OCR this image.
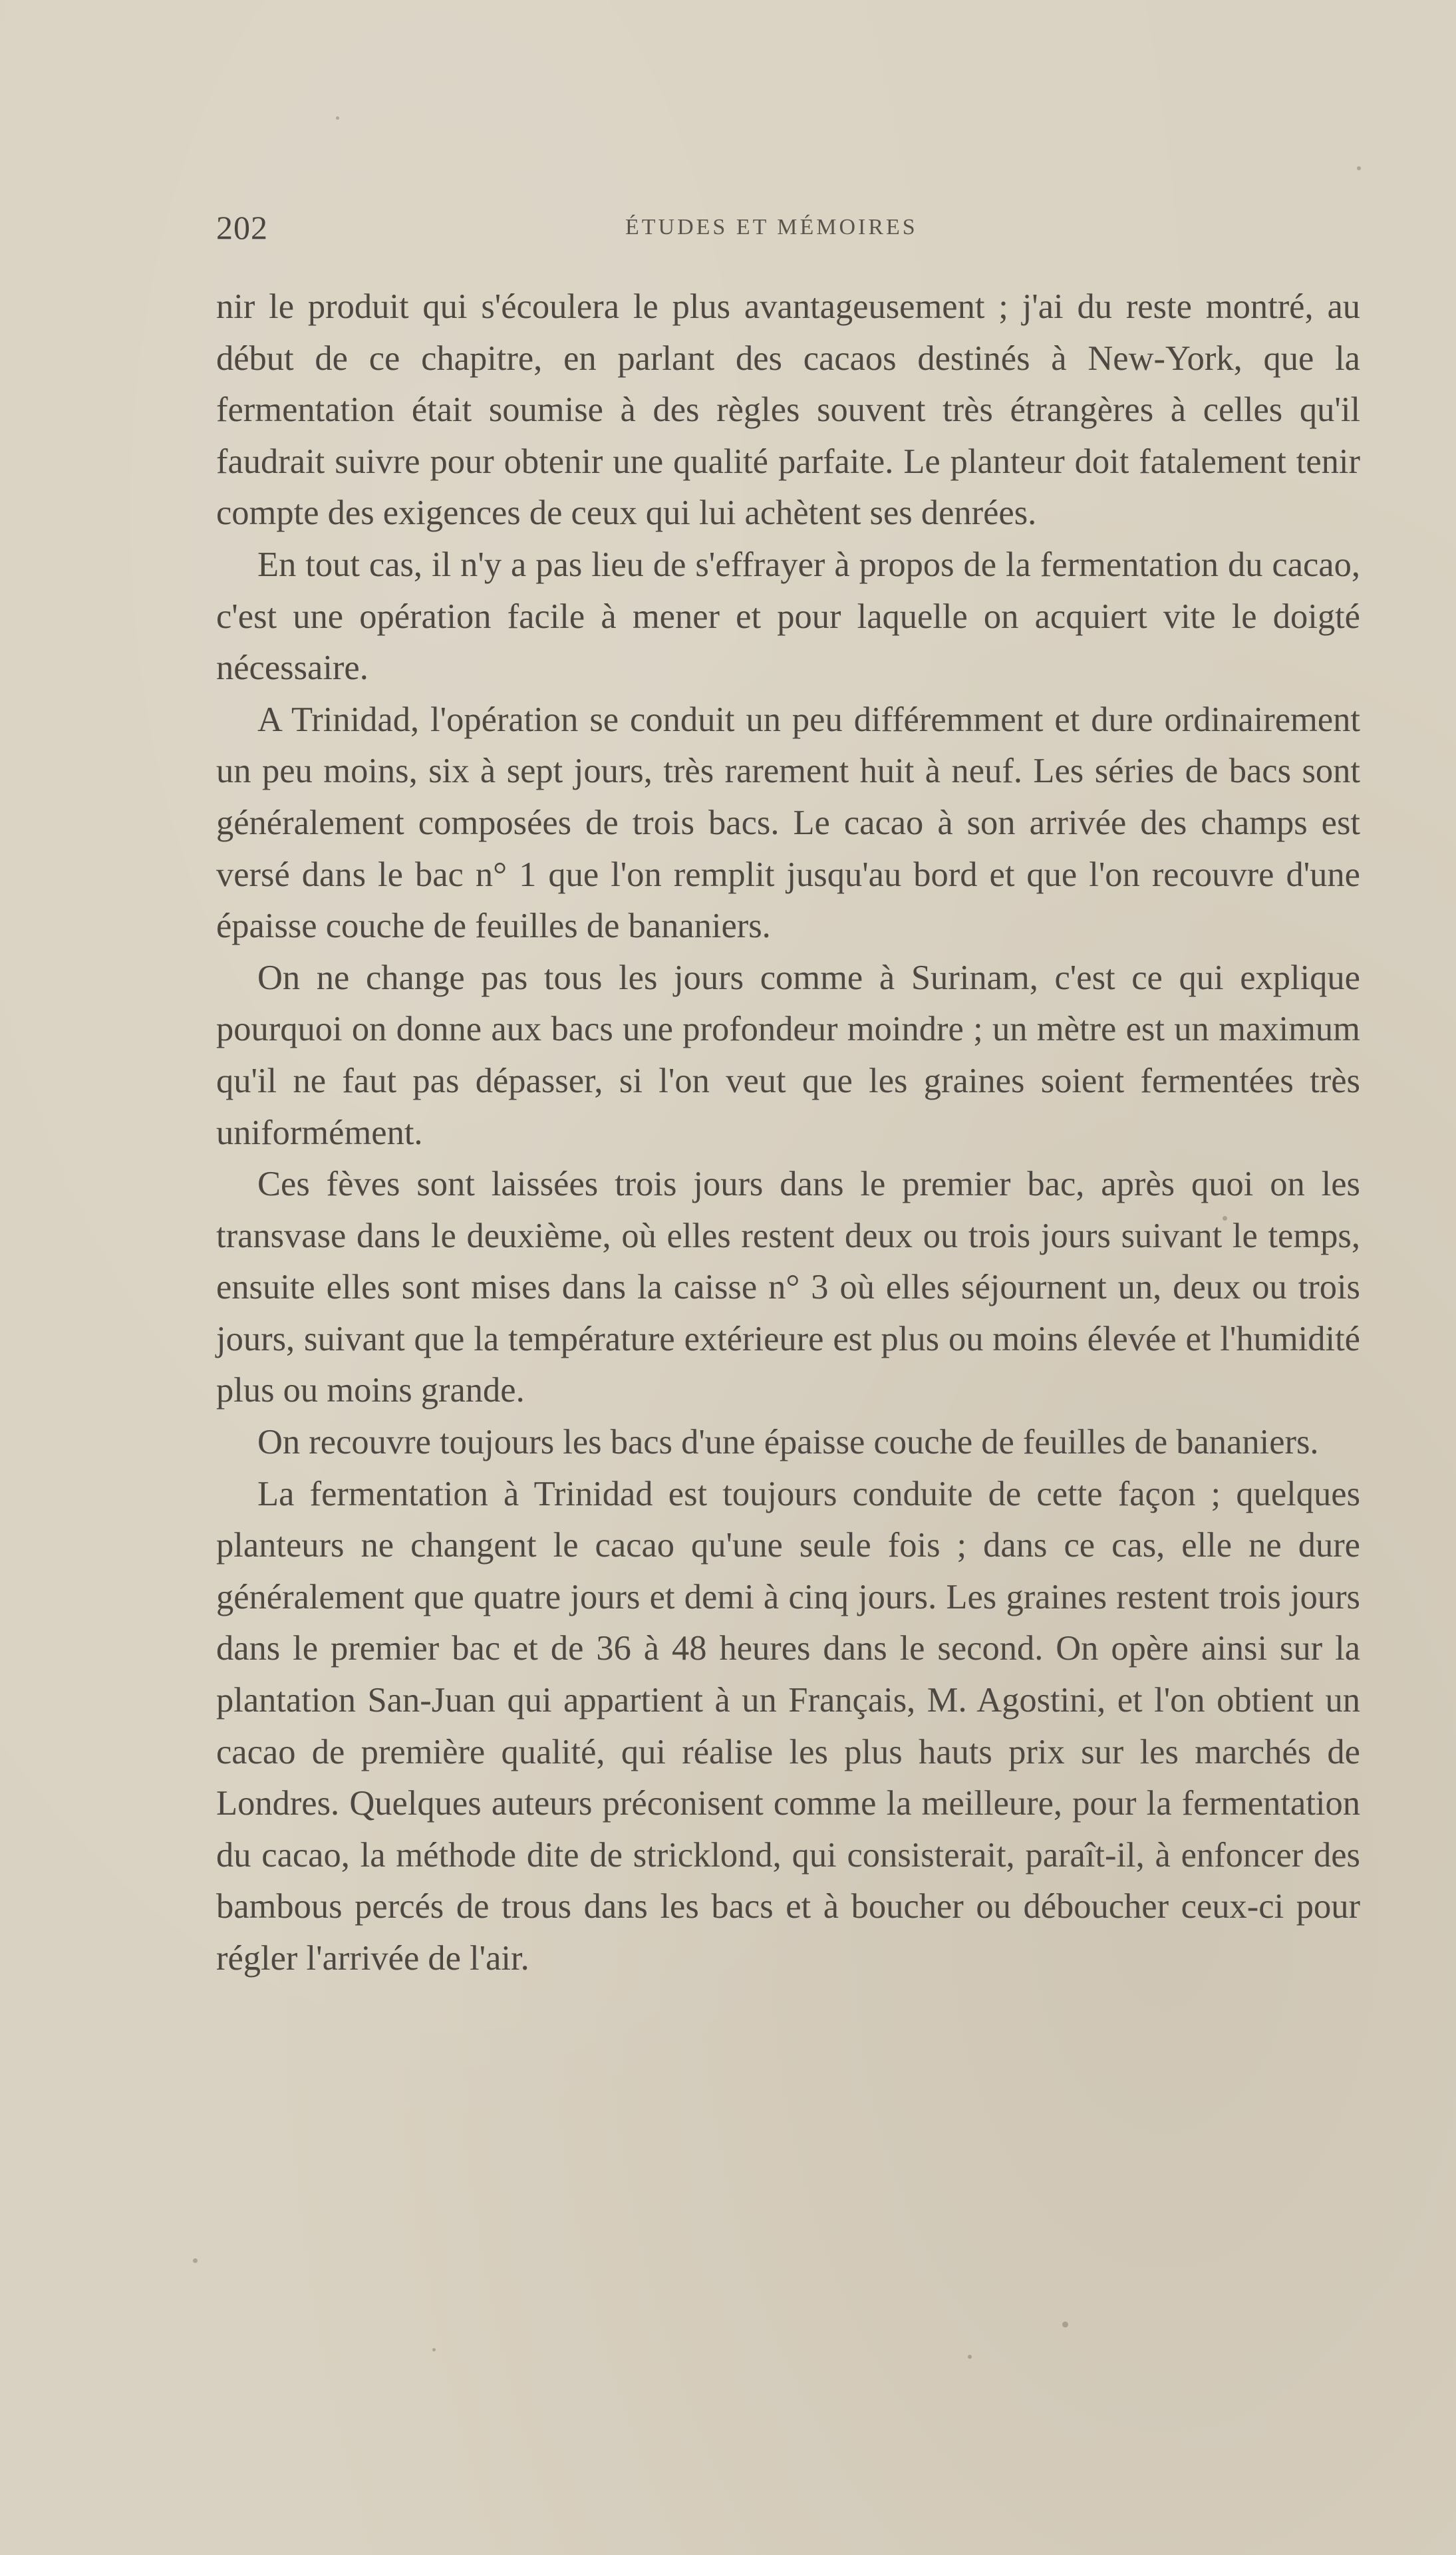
202	ÉTUDES ET MÉMOIRES

nir le produit qui s'écoulera le plus avantageusement ; j'ai du reste montré, au début de ce chapitre, en parlant des cacaos destinés à New-York, que la fermentation était soumise à des règles souvent très étrangères à celles qu'il faudrait suivre pour obtenir une qualité parfaite. Le planteur doit fatalement tenir compte des exigences de ceux qui lui achètent ses denrées.

En tout cas, il n'y a pas lieu de s'effrayer à propos de la fermentation du cacao, c'est une opération facile à mener et pour laquelle on acquiert vite le doigté nécessaire.

A Trinidad, l'opération se conduit un peu différemment et dure ordinairement un peu moins, six à sept jours, très rarement huit à neuf. Les séries de bacs sont généralement composées de trois bacs. Le cacao à son arrivée des champs est versé dans le bac n° 1 que l'on remplit jusqu'au bord et que l'on recouvre d'une épaisse couche de feuilles de bananiers.

On ne change pas tous les jours comme à Surinam, c'est ce qui explique pourquoi on donne aux bacs une profondeur moindre ; un mètre est un maximum qu'il ne faut pas dépasser, si l'on veut que les graines soient fermentées très uniformément.

Ces fèves sont laissées trois jours dans le premier bac, après quoi on les transvase dans le deuxième, où elles restent deux ou trois jours suivant le temps, ensuite elles sont mises dans la caisse n° 3 où elles séjournent un, deux ou trois jours, suivant que la température extérieure est plus ou moins élevée et l'humidité plus ou moins grande.

On recouvre toujours les bacs d'une épaisse couche de feuilles de bananiers.

La fermentation à Trinidad est toujours conduite de cette façon ; quelques planteurs ne changent le cacao qu'une seule fois ; dans ce cas, elle ne dure généralement que quatre jours et demi à cinq jours. Les graines restent trois jours dans le premier bac et de 36 à 48 heures dans le second. On opère ainsi sur la plantation San-Juan qui appartient à un Français, M. Agostini, et l'on obtient un cacao de première qualité, qui réalise les plus hauts prix sur les marchés de Londres. Quelques auteurs préconisent comme la meilleure, pour la fermentation du cacao, la méthode dite de stricklond, qui consisterait, paraît-il, à enfoncer des bambous percés de trous dans les bacs et à boucher ou déboucher ceux-ci pour régler l'arrivée de l'air.
